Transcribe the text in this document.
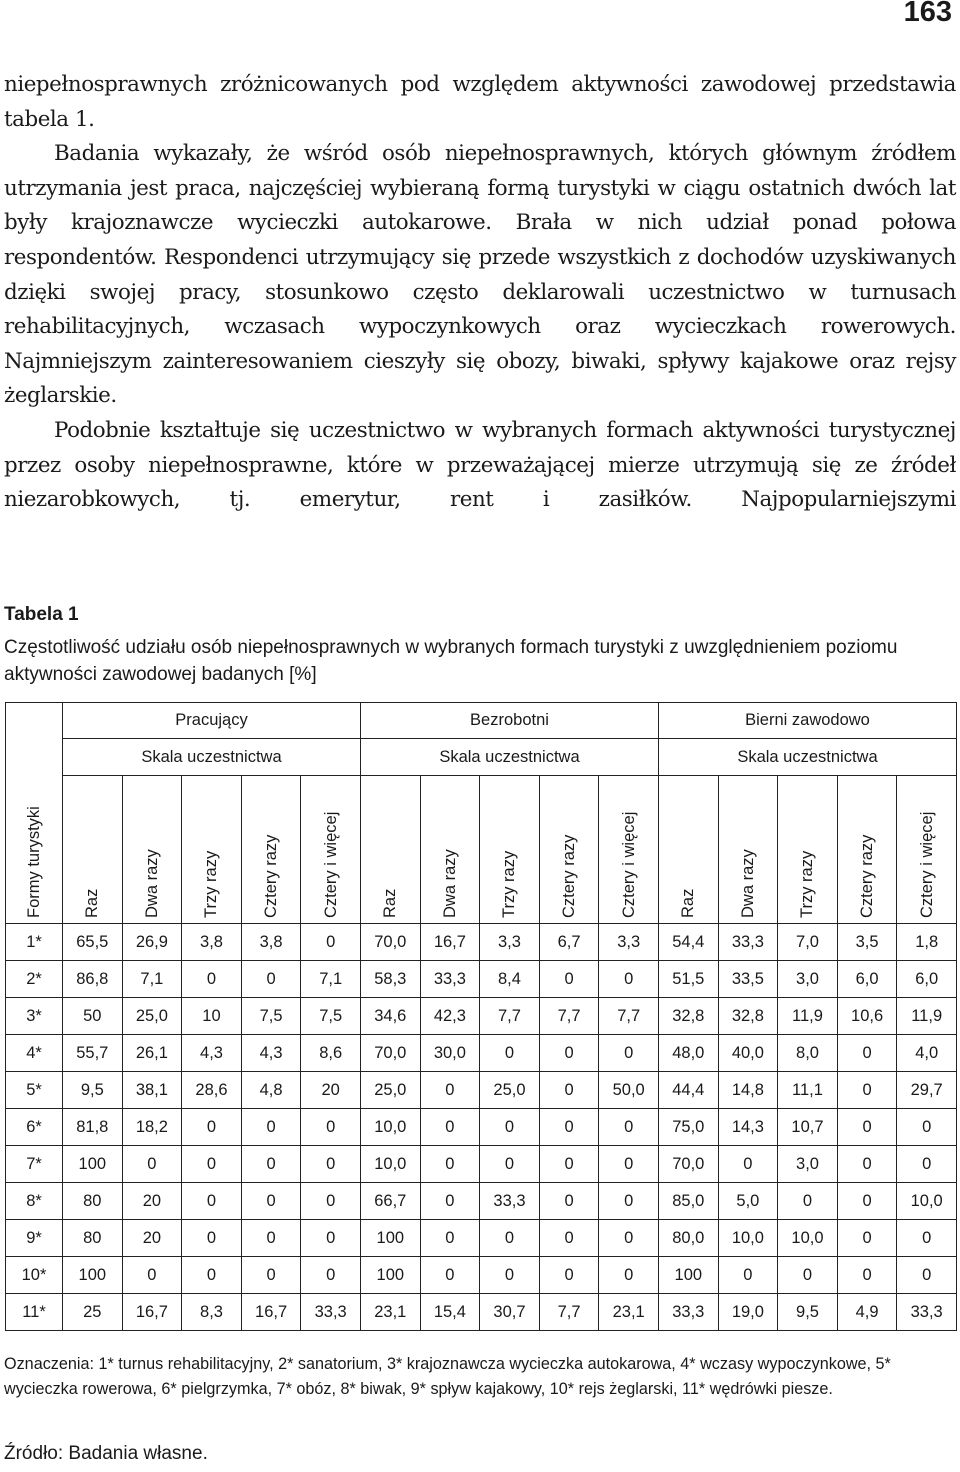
163

niepełnosprawnych zróżnicowanych pod względem aktywności zawodowej przedstawia tabela 1.

Badania wykazały, że wśród osób niepełnosprawnych, których głównym źródłem utrzymania jest praca, najczęściej wybieraną formą turystyki w ciągu ostatnich dwóch lat były krajoznawcze wycieczki autokarowe. Brała w nich udział ponad połowa respondentów. Respondenci utrzymujący się przede wszystkich z dochodów uzyskiwanych dzięki swojej pracy, stosunkowo często deklarowali uczestnictwo w turnusach rehabilitacyjnych, wczasach wypoczynkowych oraz wycieczkach rowerowych. Najmniejszym zainteresowaniem cieszyły się obozy, biwaki, spływy kajakowe oraz rejsy żeglarskie.

Podobnie kształtuje się uczestnictwo w wybranych formach aktywności turystycznej przez osoby niepełnosprawne, które w przeważającej mierze utrzymują się ze źródeł niezarobkowych, tj. emerytur, rent i zasiłków. Najpopularniejszymi

Tabela 1
Częstotliwość udziału osób niepełnosprawnych w wybranych formach turystyki z uwzględnieniem poziomu aktywności zawodowej badanych [%]
Formy turystyki	Pracujący					Bezrobotni					Bierni zawodowo				
	Skala uczestnictwa					Skala uczestnictwa					Skala uczestnictwa				
	Raz	Dwa razy	Trzy razy	Cztery razy	Cztery i więcej	Raz	Dwa razy	Trzy razy	Cztery razy	Cztery i więcej	Raz	Dwa razy	Trzy razy	Cztery razy	Cztery i więcej
1*	65,5	26,9	3,8	3,8	0	70,0	16,7	3,3	6,7	3,3	54,4	33,3	7,0	3,5	1,8
2*	86,8	7,1	0	0	7,1	58,3	33,3	8,4	0	0	51,5	33,5	3,0	6,0	6,0
3*	50	25,0	10	7,5	7,5	34,6	42,3	7,7	7,7	7,7	32,8	32,8	11,9	10,6	11,9
4*	55,7	26,1	4,3	4,3	8,6	70,0	30,0	0	0	0	48,0	40,0	8,0	0	4,0
5*	9,5	38,1	28,6	4,8	20	25,0	0	25,0	0	50,0	44,4	14,8	11,1	0	29,7
6*	81,8	18,2	0	0	0	10,0	0	0	0	0	75,0	14,3	10,7	0	0
7*	100	0	0	0	0	10,0	0	0	0	0	70,0	0	3,0	0	0
8*	80	20	0	0	0	66,7	0	33,3	0	0	85,0	5,0	0	0	10,0
9*	80	20	0	0	0	100	0	0	0	0	80,0	10,0	10,0	0	0
10*	100	0	0	0	0	100	0	0	0	0	100	0	0	0	0
11*	25	16,7	8,3	16,7	33,3	23,1	15,4	30,7	7,7	23,1	33,3	19,0	9,5	4,9	33,3

Oznaczenia: 1* turnus rehabilitacyjny, 2* sanatorium, 3* krajoznawcza wycieczka autokarowa, 4* wczasy wypoczynkowe, 5* wycieczka rowerowa, 6* pielgrzymka, 7* obóz, 8* biwak, 9* spływ kajakowy, 10* rejs żeglarski, 11* wędrówki piesze.

Źródło: Badania własne.
